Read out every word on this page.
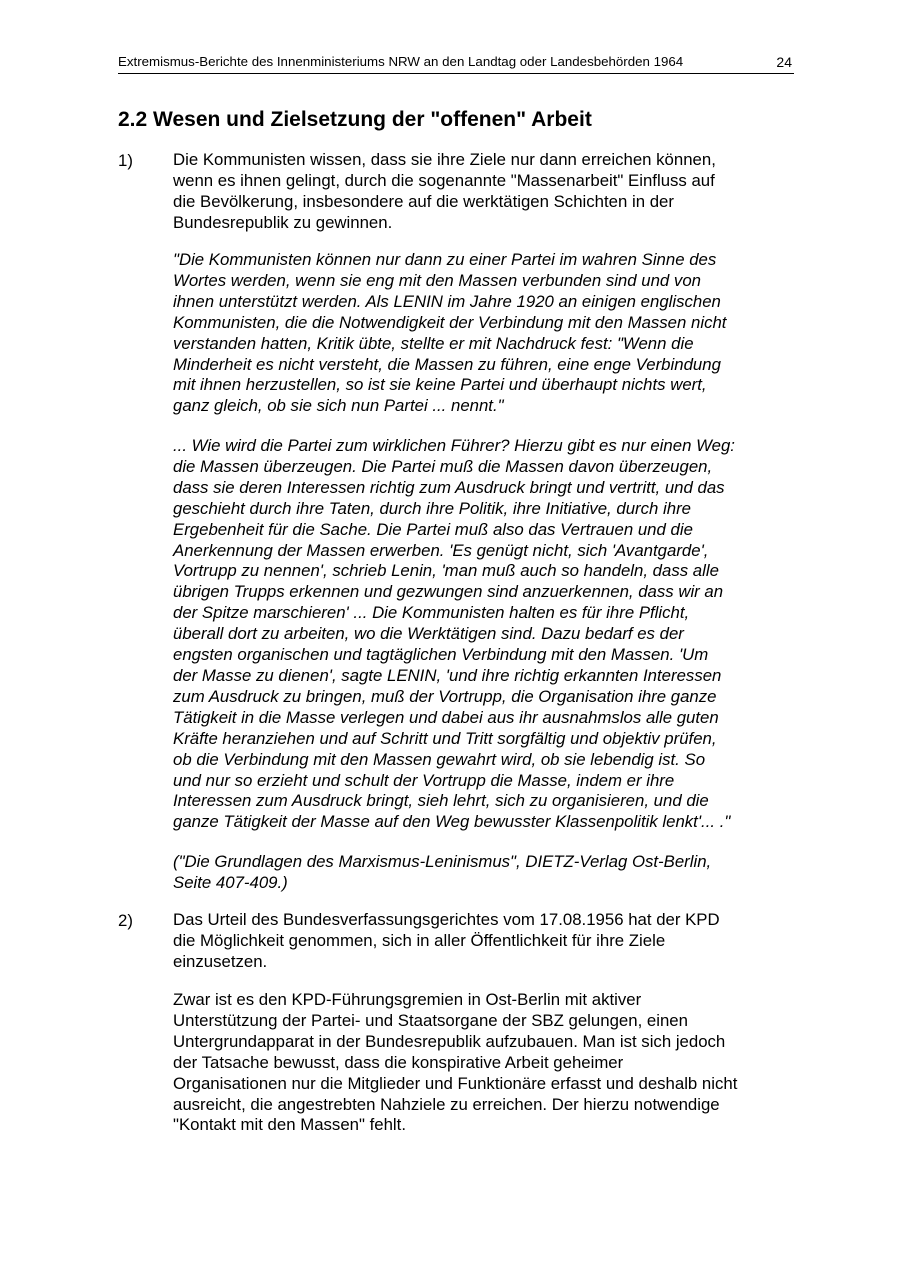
Extremismus-Berichte des Innenministeriums NRW an den Landtag oder Landesbehörden 1964	24
2.2 Wesen und Zielsetzung der "offenen" Arbeit
1) Die Kommunisten wissen, dass sie ihre Ziele nur dann erreichen können,
wenn es ihnen gelingt, durch die sogenannte "Massenarbeit" Einfluss auf
die Bevölkerung, insbesondere auf die werktätigen Schichten in der
Bundesrepublik zu gewinnen.

"Die Kommunisten können nur dann zu einer Partei im wahren Sinne des
Wortes werden, wenn sie eng mit den Massen verbunden sind und von
ihnen unterstützt werden. Als LENIN im Jahre 1920 an einigen englischen
Kommunisten, die die Notwendigkeit der Verbindung mit den Massen nicht
verstanden hatten, Kritik übte, stellte er mit Nachdruck fest: "Wenn die
Minderheit es nicht versteht, die Massen zu führen, eine enge Verbindung
mit ihnen herzustellen, so ist sie keine Partei und überhaupt nichts wert,
ganz gleich, ob sie sich nun Partei ... nennt."

... Wie wird die Partei zum wirklichen Führer? Hierzu gibt es nur einen Weg:
die Massen überzeugen. Die Partei muß die Massen davon überzeugen,
dass sie deren Interessen richtig zum Ausdruck bringt und vertritt, und das
geschieht durch ihre Taten, durch ihre Politik, ihre Initiative, durch ihre
Ergebenheit für die Sache. Die Partei muß also das Vertrauen und die
Anerkennung der Massen erwerben. 'Es genügt nicht, sich 'Avantgarde',
Vortrupp zu nennen', schrieb Lenin, 'man muß auch so handeln, dass alle
übrigen Trupps erkennen und gezwungen sind anzuerkennen, dass wir an
der Spitze marschieren' ... Die Kommunisten halten es für ihre Pflicht,
überall dort zu arbeiten, wo die Werktätigen sind. Dazu bedarf es der
engsten organischen und tagtäglichen Verbindung mit den Massen. 'Um
der Masse zu dienen', sagte LENIN, 'und ihre richtig erkannten Interessen
zum Ausdruck zu bringen, muß der Vortrupp, die Organisation ihre ganze
Tätigkeit in die Masse verlegen und dabei aus ihr ausnahmslos alle guten
Kräfte heranziehen und auf Schritt und Tritt sorgfältig und objektiv prüfen,
ob die Verbindung mit den Massen gewahrt wird, ob sie lebendig ist. So
und nur so erzieht und schult der Vortrupp die Masse, indem er ihre
Interessen zum Ausdruck bringt, sieh lehrt, sich zu organisieren, und die
ganze Tätigkeit der Masse auf den Weg bewusster Klassenpolitik lenkt'... ."

("Die Grundlagen des Marxismus-Leninismus", DIETZ-Verlag Ost-Berlin,
Seite 407-409.)

2) Das Urteil des Bundesverfassungsgerichtes vom 17.08.1956 hat der KPD
die Möglichkeit genommen, sich in aller Öffentlichkeit für ihre Ziele
einzusetzen.

Zwar ist es den KPD-Führungsgremien in Ost-Berlin mit aktiver
Unterstützung der Partei- und Staatsorgane der SBZ gelungen, einen
Untergrundapparat in der Bundesrepublik aufzubauen. Man ist sich jedoch
der Tatsache bewusst, dass die konspirative Arbeit geheimer
Organisationen nur die Mitglieder und Funktionäre erfasst und deshalb nicht
ausreicht, die angestrebten Nahziele zu erreichen. Der hierzu notwendige
"Kontakt mit den Massen" fehlt.
